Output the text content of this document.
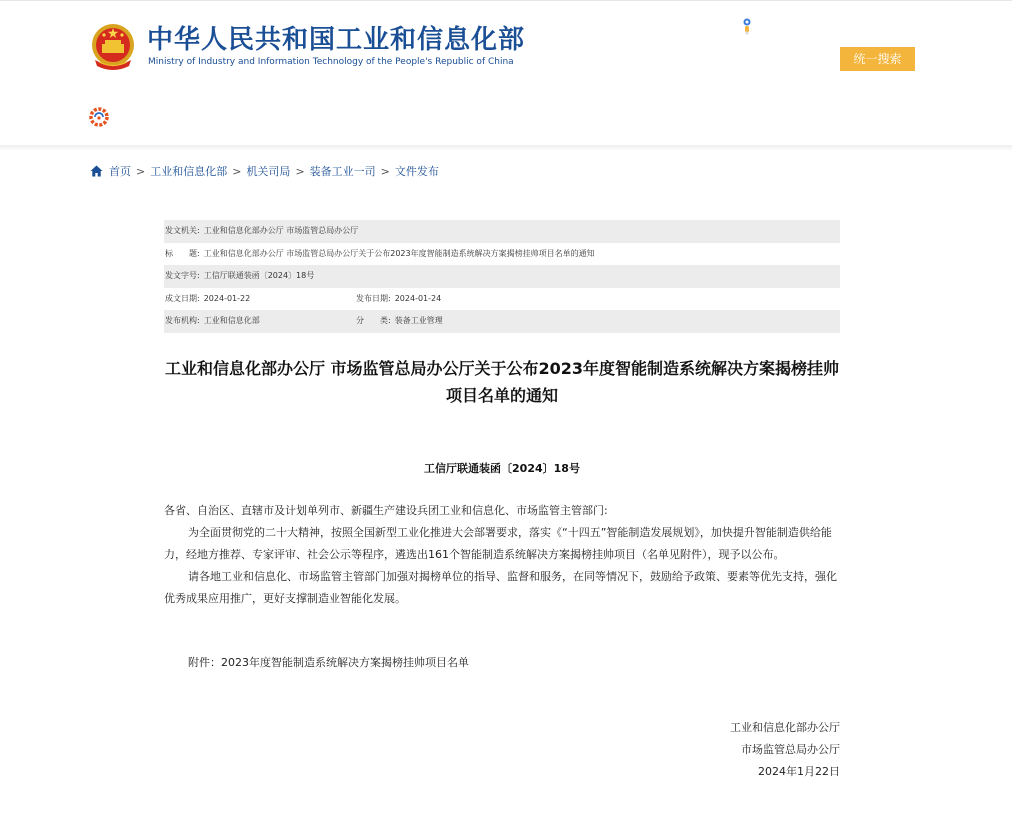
中华人民共和国工业和信息化部
Ministry of Industry and Information Technology of the People's Republic of China	统一搜索
首页 > 工业和信息化部 > 机关司局 > 装备工业一司 > 文件发布
发文机关: 工业和信息化部办公厅 市场监管总局办公厅
标　　题: 工业和信息化部办公厅 市场监管总局办公厅关于公布2023年度智能制造系统解决方案揭榜挂帅项目名单的通知
发文字号: 工信厅联通装函〔2024〕18号
成文日期: 2024-01-22	发布日期: 2024-01-24
发布机构: 工业和信息化部	分　　类: 装备工业管理
工业和信息化部办公厅 市场监管总局办公厅关于公布2023年度智能制造系统解决方案揭榜挂帅项目名单的通知
工信厅联通装函〔2024〕18号

各省、自治区、直辖市及计划单列市、新疆生产建设兵团工业和信息化、市场监管主管部门:

为全面贯彻党的二十大精神，按照全国新型工业化推进大会部署要求，落实《“十四五”智能制造发展规划》，加快提升智能制造供给能力，经地方推荐、专家评审、社会公示等程序，遴选出161个智能制造系统解决方案揭榜挂帅项目（名单见附件），现予以公布。

请各地工业和信息化、市场监管主管部门加强对揭榜单位的指导、监督和服务，在同等情况下，鼓励给予政策、要素等优先支持，强化优秀成果应用推广，更好支撑制造业智能化发展。

附件：2023年度智能制造系统解决方案揭榜挂帅项目名单
工业和信息化部办公厅
市场监管总局办公厅
2024年1月22日
